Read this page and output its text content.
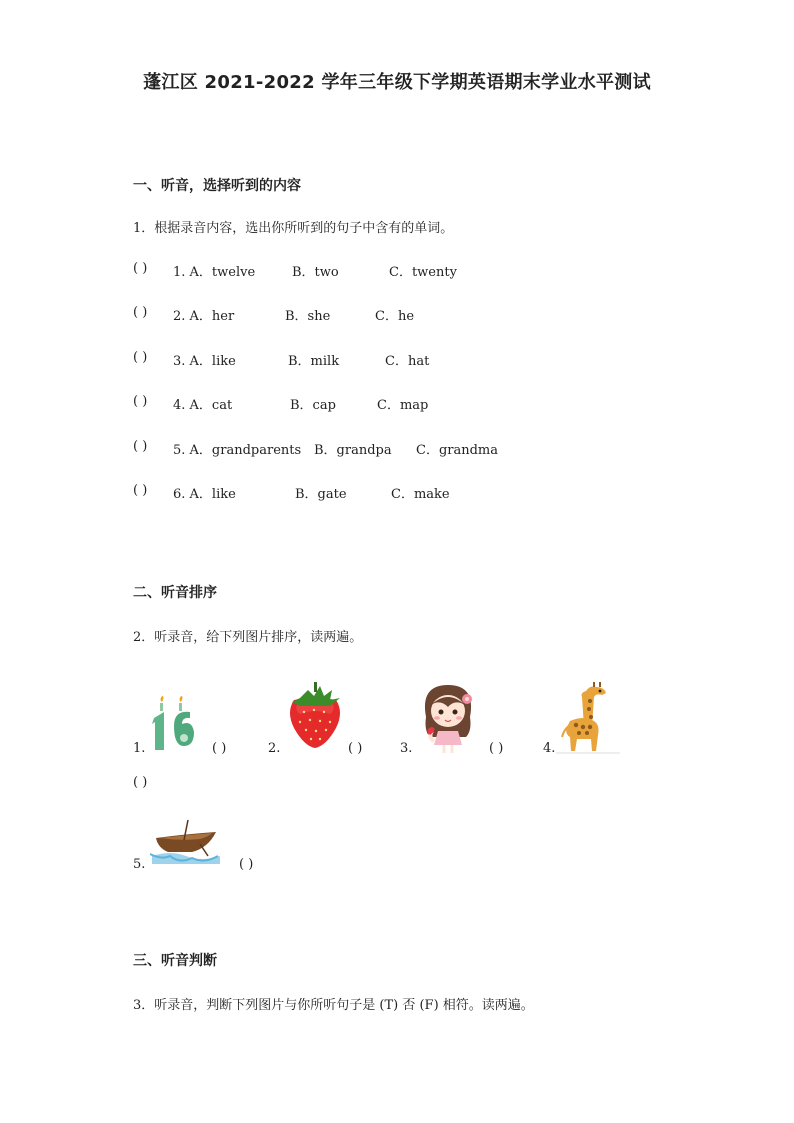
蓬江区 2021-2022 学年三年级下学期英语期末学业水平测试
一、听音，选择听到的内容
1．根据录音内容，选出你所听到的句子中含有的单词。
( ) 1. A．twelve	B．two	C．twenty
( ) 2. A．her	B．she	C．he
( ) 3. A．like	B．milk	C．hat
( ) 4. A．cat	B．cap	C．map
( ) 5. A．grandparents B．grandpa C．grandma
( ) 6. A．like	B．gate	C．make
二、听音排序
2．听录音，给下列图片排序，读两遍。
1.	( )	2.	( )	3.	( )	4.
( )
5.	( )
三、听音判断
3．听录音，判断下列图片与你所听句子是 (T) 否 (F) 相符。读两遍。
